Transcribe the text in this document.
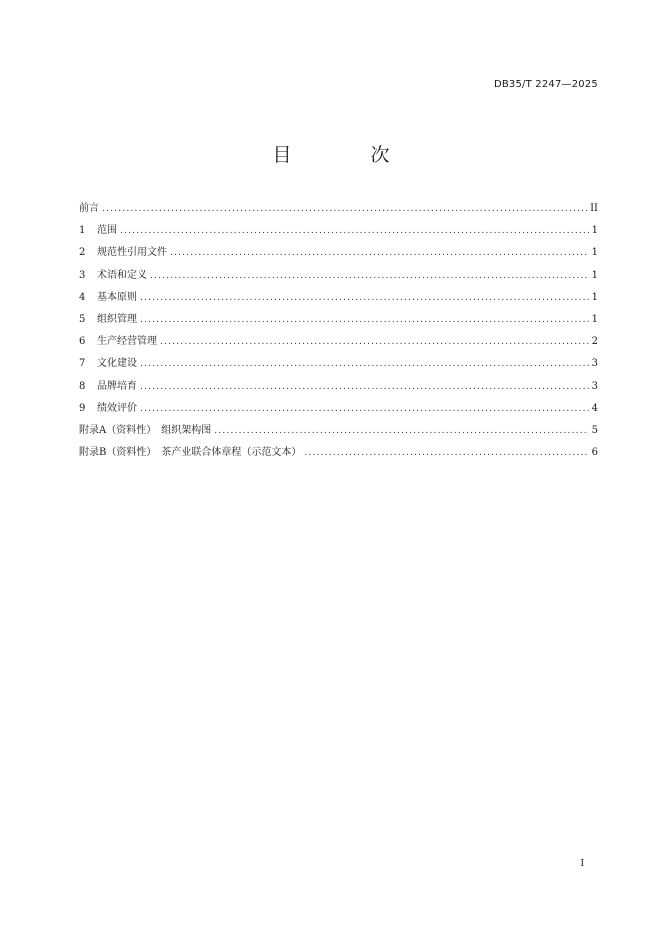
DB35/T 2247—2025
目　次
前言 .....	II
1 范围 .....	1
2 规范性引用文件 .....	1
3 术语和定义 .....	1
4 基本原则 .....	1
5 组织管理 .....	1
6 生产经营管理 .....	2
7 文化建设 .....	3
8 品牌培育 .....	3
9 绩效评价 .....	4
附录A（资料性）　组织架构图 .....	5
附录B（资料性）　茶产业联合体章程（示范文本） .....	6
I
